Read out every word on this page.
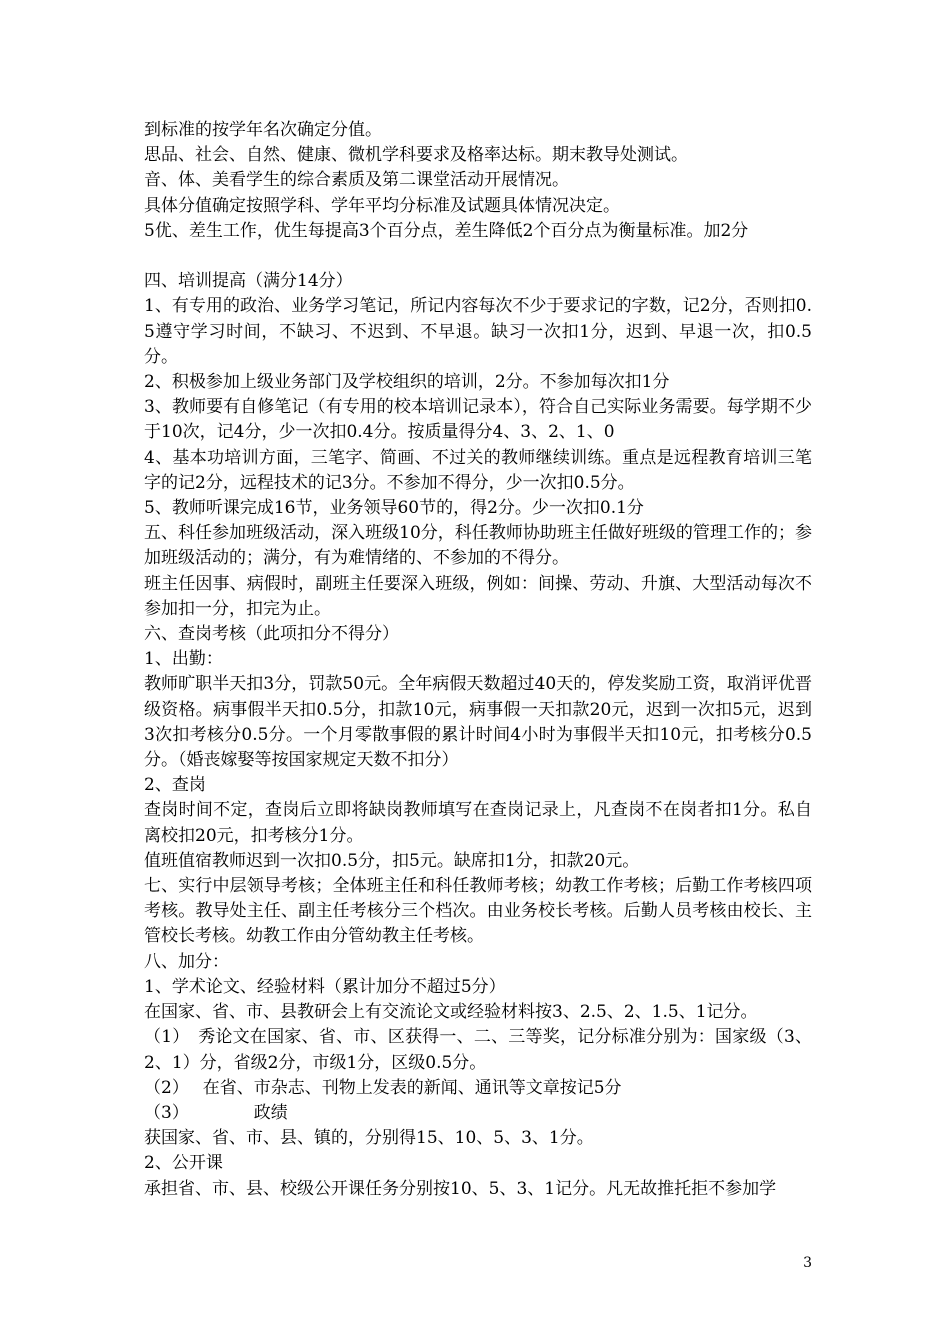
到标准的按学年名次确定分值。

思品、社会、自然、健康、微机学科要求及格率达标。期末教导处测试。

音、体、美看学生的综合素质及第二课堂活动开展情况。

具体分值确定按照学科、学年平均分标准及试题具体情况决定。

5优、差生工作，优生每提高3个百分点，差生降低2个百分点为衡量标准。加2分

四、培训提高（满分14分）

1、有专用的政治、业务学习笔记，所记内容每次不少于要求记的字数，记2分，否则扣0.5遵守学习时间，不缺习、不迟到、不早退。缺习一次扣1分，迟到、早退一次，扣0.5分。

2、积极参加上级业务部门及学校组织的培训，2分。不参加每次扣1分

3、教师要有自修笔记（有专用的校本培训记录本），符合自己实际业务需要。每学期不少于10次，记4分，少一次扣0.4分。按质量得分4、3、2、1、0

4、基本功培训方面，三笔字、简画、不过关的教师继续训练。重点是远程教育培训三笔字的记2分，远程技术的记3分。不参加不得分，少一次扣0.5分。

5、教师听课完成16节，业务领导60节的，得2分。少一次扣0.1分

五、科任参加班级活动，深入班级10分，科任教师协助班主任做好班级的管理工作的；参加班级活动的；满分，有为难情绪的、不参加的不得分。

班主任因事、病假时，副班主任要深入班级，例如：间操、劳动、升旗、大型活动每次不参加扣一分，扣完为止。

六、查岗考核（此项扣分不得分）

1、出勤：

教师旷职半天扣3分，罚款50元。全年病假天数超过40天的，停发奖励工资，取消评优晋级资格。病事假半天扣0.5分，扣款10元，病事假一天扣款20元，迟到一次扣5元，迟到3次扣考核分0.5分。一个月零散事假的累计时间4小时为事假半天扣10元，扣考核分0.5分。（婚丧嫁娶等按国家规定天数不扣分）

2、查岗

查岗时间不定，查岗后立即将缺岗教师填写在查岗记录上，凡查岗不在岗者扣1分。私自离校扣20元，扣考核分1分。

值班值宿教师迟到一次扣0.5分，扣5元。缺席扣1分，扣款20元。

七、实行中层领导考核；全体班主任和科任教师考核；幼教工作考核；后勤工作考核四项考核。教导处主任、副主任考核分三个档次。由业务校长考核。后勤人员考核由校长、主管校长考核。幼教工作由分管幼教主任考核。

八、加分：

1、学术论文、经验材料（累计加分不超过5分）

在国家、省、市、县教研会上有交流论文或经验材料按3、2.5、2、1.5、1记分。

（1）　秀论文在国家、省、市、区获得一、二、三等奖，记分标准分别为：国家级（3、2、1）分，省级2分，市级1分，区级0.5分。

（2）　 在省、市杂志、刊物上发表的新闻、通讯等文章按记5分

（3）　　　　 政绩

获国家、省、市、县、镇的，分别得15、10、5、3、1分。

2、公开课

承担省、市、县、校级公开课任务分别按10、5、3、1记分。凡无故推托拒不参加学

3
